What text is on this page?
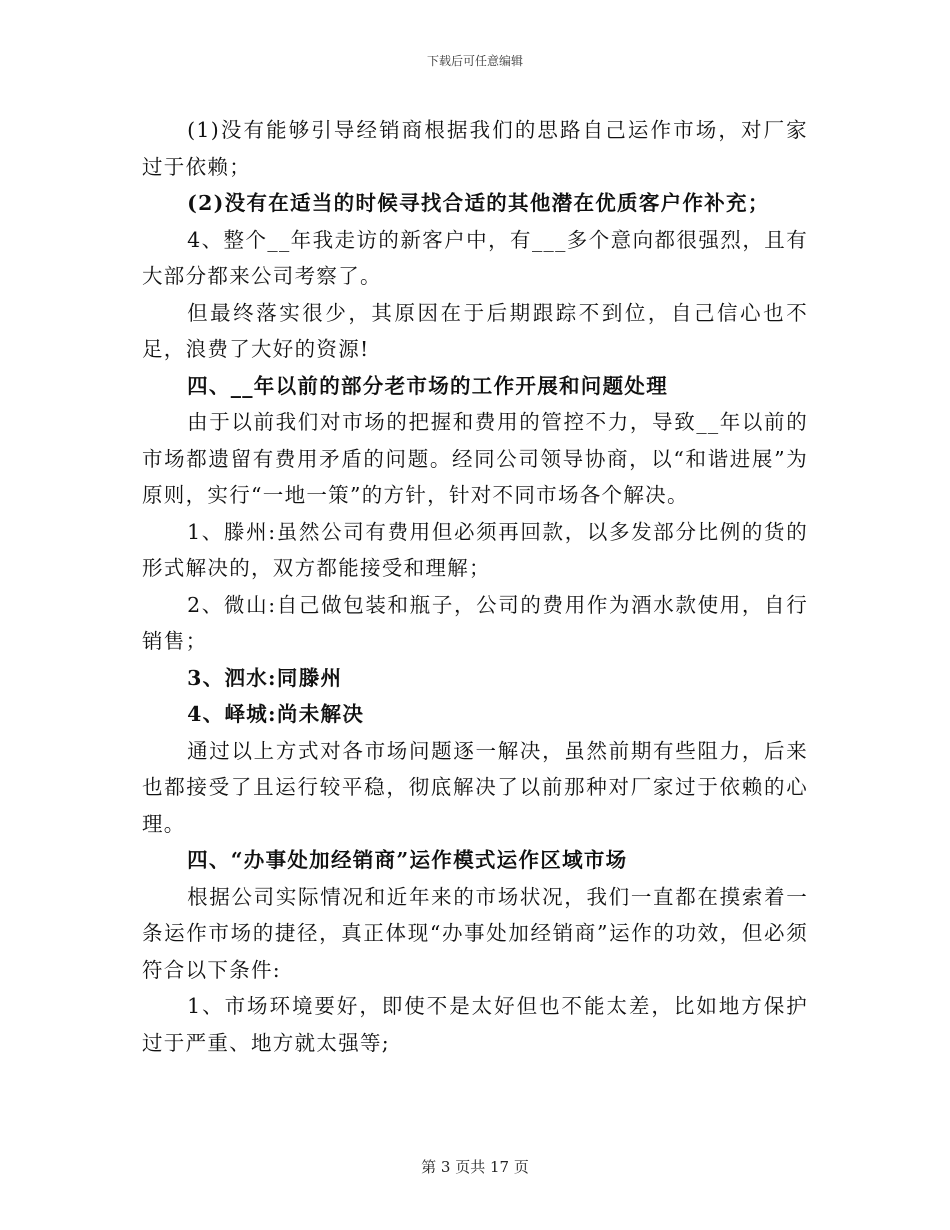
下载后可任意编辑

(1)没有能够引导经销商根据我们的思路自己运作市场，对厂家过于依赖；

(2)没有在适当的时候寻找合适的其他潜在优质客户作补充；

4、整个__年我走访的新客户中，有___多个意向都很强烈，且有大部分都来公司考察了。

但最终落实很少，其原因在于后期跟踪不到位，自己信心也不足，浪费了大好的资源!

四、__年以前的部分老市场的工作开展和问题处理

由于以前我们对市场的把握和费用的管控不力，导致__年以前的市场都遗留有费用矛盾的问题。经同公司领导协商，以“和谐进展”为原则，实行“一地一策”的方针，针对不同市场各个解决。

1、滕州:虽然公司有费用但必须再回款，以多发部分比例的货的形式解决的，双方都能接受和理解；

2、微山:自己做包装和瓶子，公司的费用作为酒水款使用，自行销售；

3、泗水:同滕州

4、峄城:尚未解决

通过以上方式对各市场问题逐一解决，虽然前期有些阻力，后来也都接受了且运行较平稳，彻底解决了以前那种对厂家过于依赖的心理。

四、“办事处加经销商”运作模式运作区域市场

根据公司实际情况和近年来的市场状况，我们一直都在摸索着一条运作市场的捷径，真正体现“办事处加经销商”运作的功效，但必须符合以下条件:

1、市场环境要好，即使不是太好但也不能太差，比如地方保护过于严重、地方就太强等;

第 3 页共 17 页
